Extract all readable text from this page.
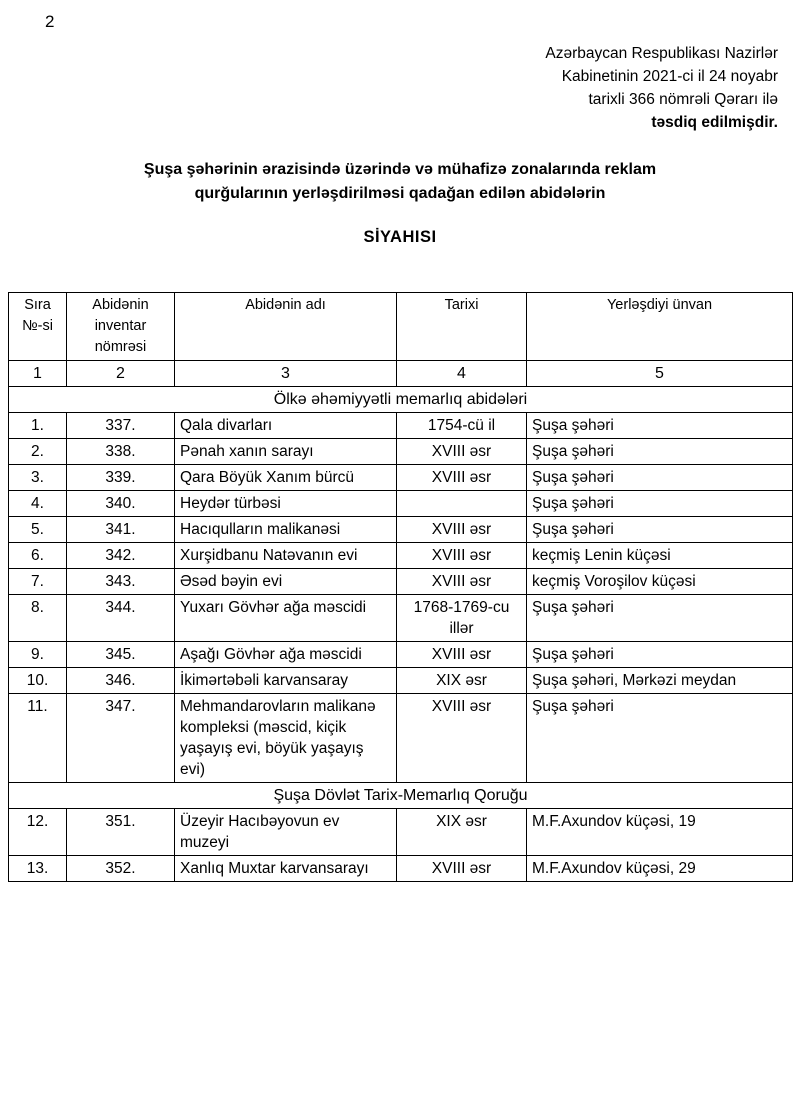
2
Azərbaycan Respublikası Nazirlər
Kabinetinin 2021-ci il 24 noyabr
tarixli 366 nömrəli Qərarı ilə
təsdiq edilmişdir.
Şuşa şəhərinin ərazisində üzərində və mühafizə zonalarında reklam
qurğularının yerləşdirilməsi qadağan edilən abidələrin
SİYAHISI
Sıra №-si	Abidənin inventar nömrəsi	Abidənin adı	Tarixi	Yerləşdiyi ünvan
1	2	3	4	5
Ölkə əhəmiyyətli memarlıq abidələri				
1.	337.	Qala divarları	1754-cü il	Şuşa şəhəri
2.	338.	Pənah xanın sarayı	XVIII əsr	Şuşa şəhəri
3.	339.	Qara Böyük Xanım bürcü	XVIII əsr	Şuşa şəhəri
4.	340.	Heydər türbəsi		Şuşa şəhəri
5.	341.	Hacıqulların malikanəsi	XVIII əsr	Şuşa şəhəri
6.	342.	Xurşidbanu Natəvanın evi	XVIII əsr	keçmiş Lenin küçəsi
7.	343.	Əsəd bəyin evi	XVIII əsr	keçmiş Voroşilov küçəsi
8.	344.	Yuxarı Gövhər ağa məscidi	1768-1769-cu illər	Şuşa şəhəri
9.	345.	Aşağı Gövhər ağa məscidi	XVIII əsr	Şuşa şəhəri
10.	346.	İkimərtəbəli karvansaray	XIX əsr	Şuşa şəhəri, Mərkəzi meydan
11.	347.	Mehmandarovların malikanə kompleksi (məscid, kiçik yaşayış evi, böyük yaşayış evi)	XVIII əsr	Şuşa şəhəri
Şuşa Dövlət Tarix-Memarlıq Qoruğu				
12.	351.	Üzeyir Hacıbəyovun ev muzeyi	XIX əsr	M.F.Axundov küçəsi, 19
13.	352.	Xanlıq Muxtar karvansarayı	XVIII əsr	M.F.Axundov küçəsi, 29
